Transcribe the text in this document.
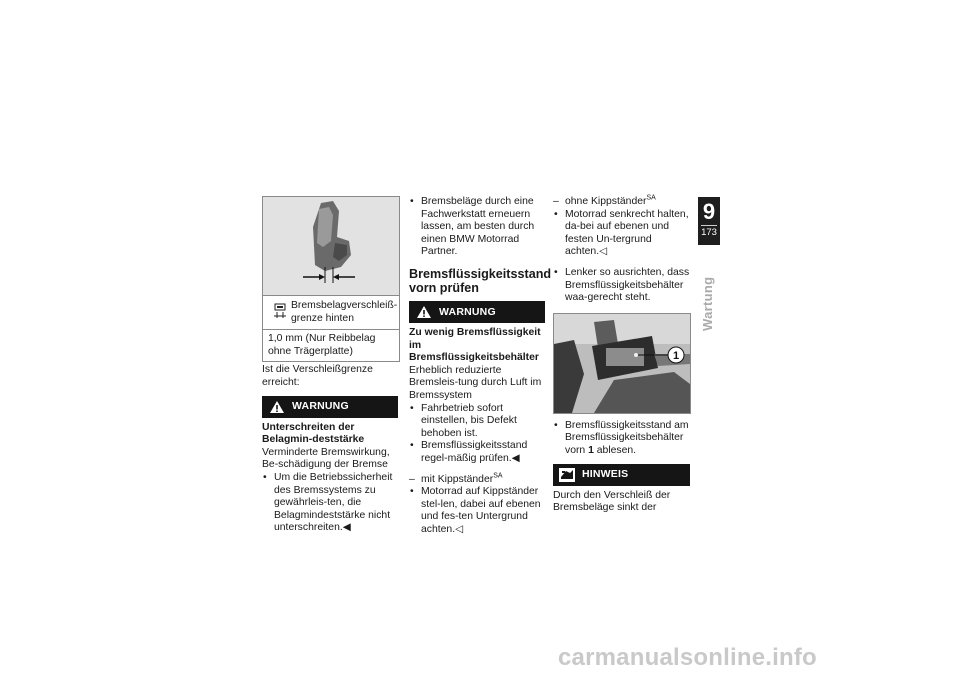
Bremsbelagverschleiß-grenze hinten
1,0 mm (Nur Reibbelag ohne Trägerplatte)

Ist die Verschleißgrenze erreicht:

WARNUNG

Unterschreiten der Belagmin-deststärke

Verminderte Bremswirkung, Be-schädigung der Bremse

• Um die Betriebssicherheit des Bremssystems zu gewährleis-ten, die Belagmindeststärke nicht unterschreiten.◀

• Bremsbeläge durch eine Fachwerkstatt erneuern lassen, am besten durch einen BMW Motorrad Partner.

Bremsflüssigkeitsstand vorn prüfen

WARNUNG

Zu wenig Bremsflüssigkeit im Bremsflüssigkeitsbehälter

Erheblich reduzierte Bremsleis-tung durch Luft im Bremssystem

• Fahrbetrieb sofort einstellen, bis Defekt behoben ist.

• Bremsflüssigkeitsstand regel-mäßig prüfen.◀

– mit Kippständer$^{SA}$

• Motorrad auf Kippständer stel-len, dabei auf ebenen und fes-ten Untergrund achten.◁

– ohne Kippständer$^{SA}$

• Motorrad senkrecht halten, da-bei auf ebenen und festen Un-tergrund achten.◁

• Lenker so ausrichten, dass Bremsflüssigkeitsbehälter waa-gerecht steht.

1

• Bremsflüssigkeitsstand am Bremsflüssigkeitsbehälter vorn 1 ablesen.

HINWEIS

Durch den Verschleiß der Bremsbeläge sinkt der

9
173
Wartung
carmanualsonline.info
